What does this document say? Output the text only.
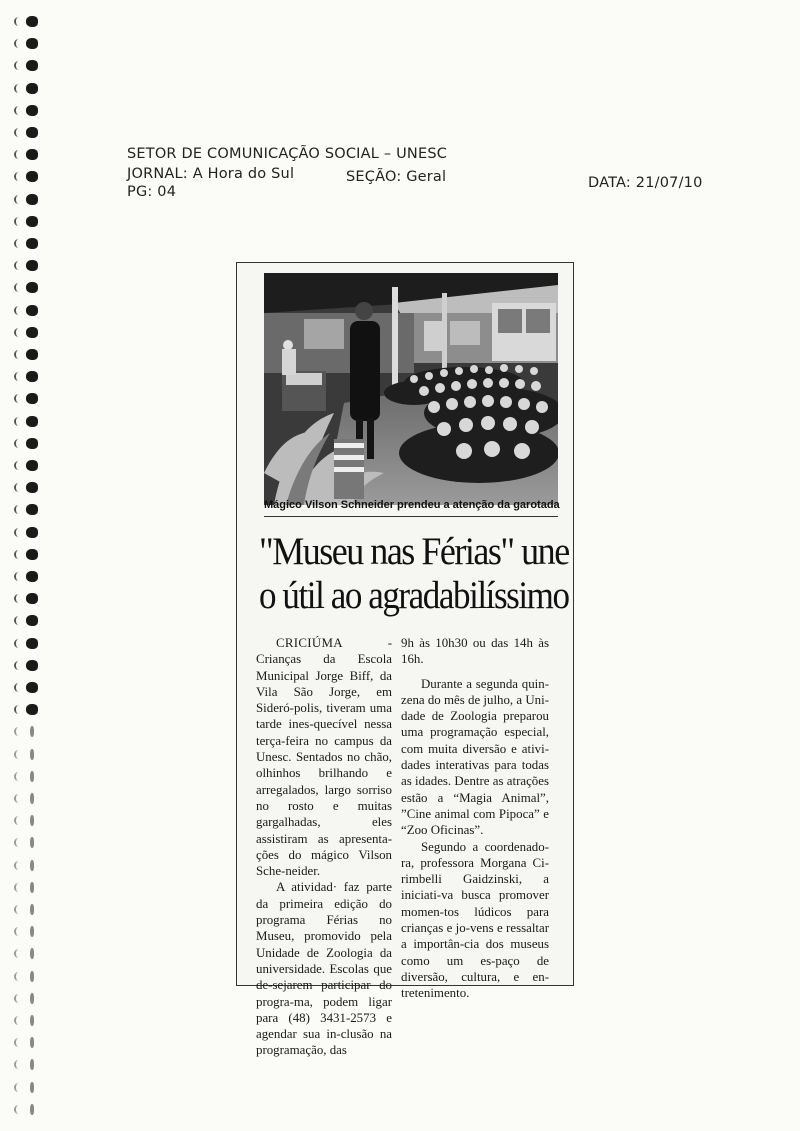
SETOR DE COMUNICAÇÃO SOCIAL – UNESC
JORNAL: A Hora do Sul	SEÇÃO: Geral
PG: 04
DATA: 21/07/10
Mágico Vilson Schneider prendeu a atenção da garotada
"Museu nas Férias" une
o útil ao agradabilíssimo

CRICIÚMA - Crianças da Escola Municipal Jorge Biff, da Vila São Jorge, em Sideró-polis, tiveram uma tarde ines-quecível nessa terça-feira no campus da Unesc. Sentados no chão, olhinhos brilhando e arregalados, largo sorriso no rosto e muitas gargalhadas, eles assistiram as apresenta-ções do mágico Vilson Sche-neider.

A atividad· faz parte da primeira edição do programa Férias no Museu, promovido pela Unidade de Zoologia da universidade. Escolas que de-sejarem participar do progra-ma, podem ligar para (48) 3431-2573 e agendar sua in-clusão na programação, das

9h às 10h30 ou das 14h às 16h.

Durante a segunda quin-zena do mês de julho, a Uni-dade de Zoologia preparou uma programação especial, com muita diversão e ativi-dades interativas para todas as idades. Dentre as atrações estão a “Magia Animal”, ”Cine animal com Pipoca” e “Zoo Oficinas”.

Segundo a coordenado-ra, professora Morgana Ci-rimbelli Gaidzinski, a iniciati-va busca promover momen-tos lúdicos para crianças e jo-vens e ressaltar a importân-cia dos museus como um es-paço de diversão, cultura, e en-tretenimento.
